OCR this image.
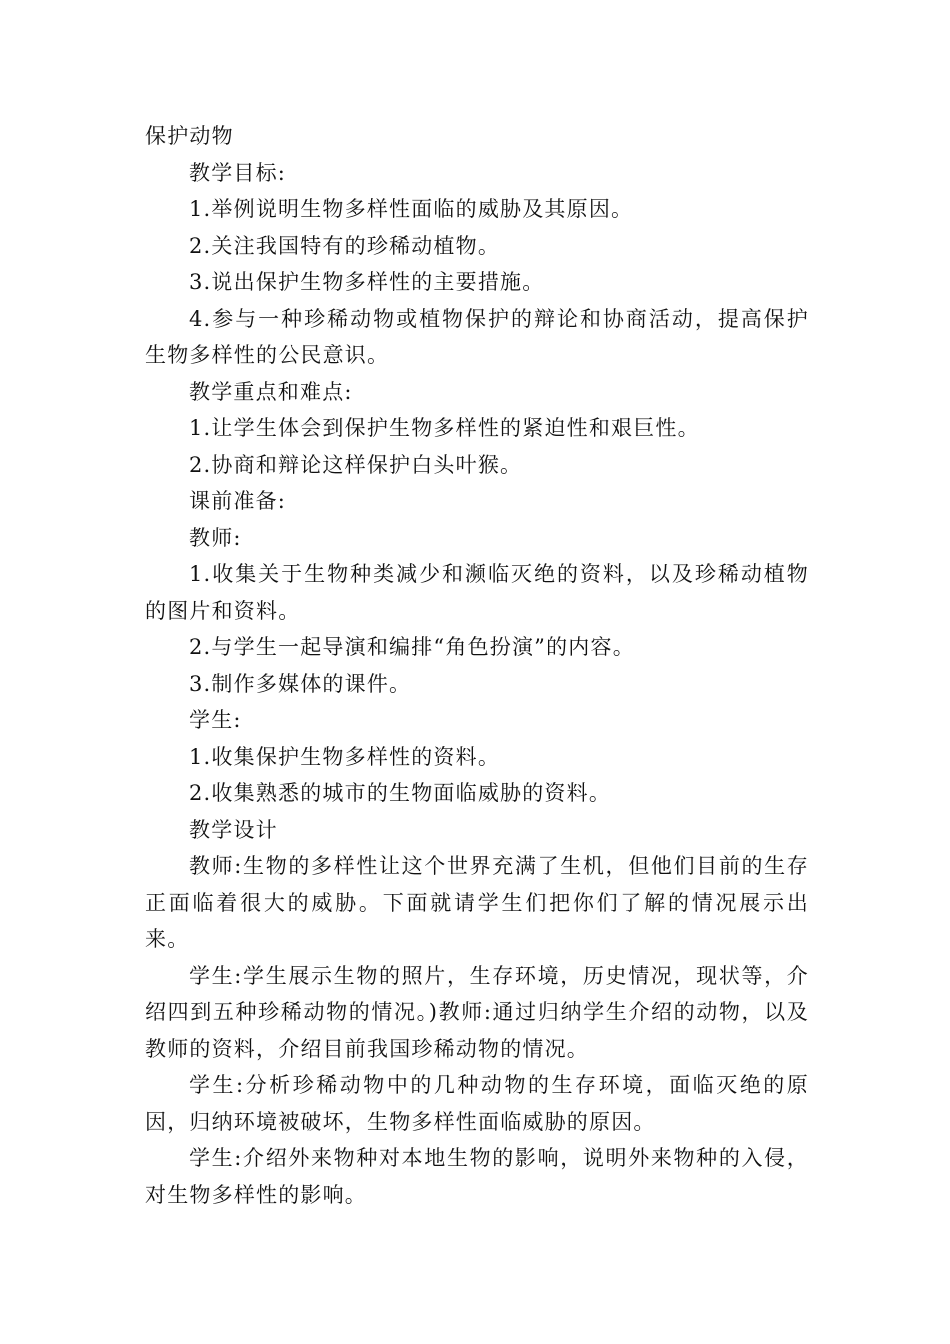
保护动物

教学目标:

1.举例说明生物多样性面临的威胁及其原因。

2.关注我国特有的珍稀动植物。

3.说出保护生物多样性的主要措施。

4.参与一种珍稀动物或植物保护的辩论和协商活动，提高保护生物多样性的公民意识。

教学重点和难点:

1.让学生体会到保护生物多样性的紧迫性和艰巨性。

2.协商和辩论这样保护白头叶猴。

课前准备:

教师:

1.收集关于生物种类减少和濒临灭绝的资料，以及珍稀动植物的图片和资料。

2.与学生一起导演和编排“角色扮演”的内容。

3.制作多媒体的课件。

学生:

1.收集保护生物多样性的资料。

2.收集熟悉的城市的生物面临威胁的资料。

教学设计

教师:生物的多样性让这个世界充满了生机，但他们目前的生存正面临着很大的威胁。下面就请学生们把你们了解的情况展示出来。

学生:学生展示生物的照片，生存环境，历史情况，现状等，介绍四到五种珍稀动物的情况。)教师:通过归纳学生介绍的动物，以及教师的资料，介绍目前我国珍稀动物的情况。

学生:分析珍稀动物中的几种动物的生存环境，面临灭绝的原因，归纳环境被破坏，生物多样性面临威胁的原因。

学生:介绍外来物种对本地生物的影响，说明外来物种的入侵，对生物多样性的影响。
